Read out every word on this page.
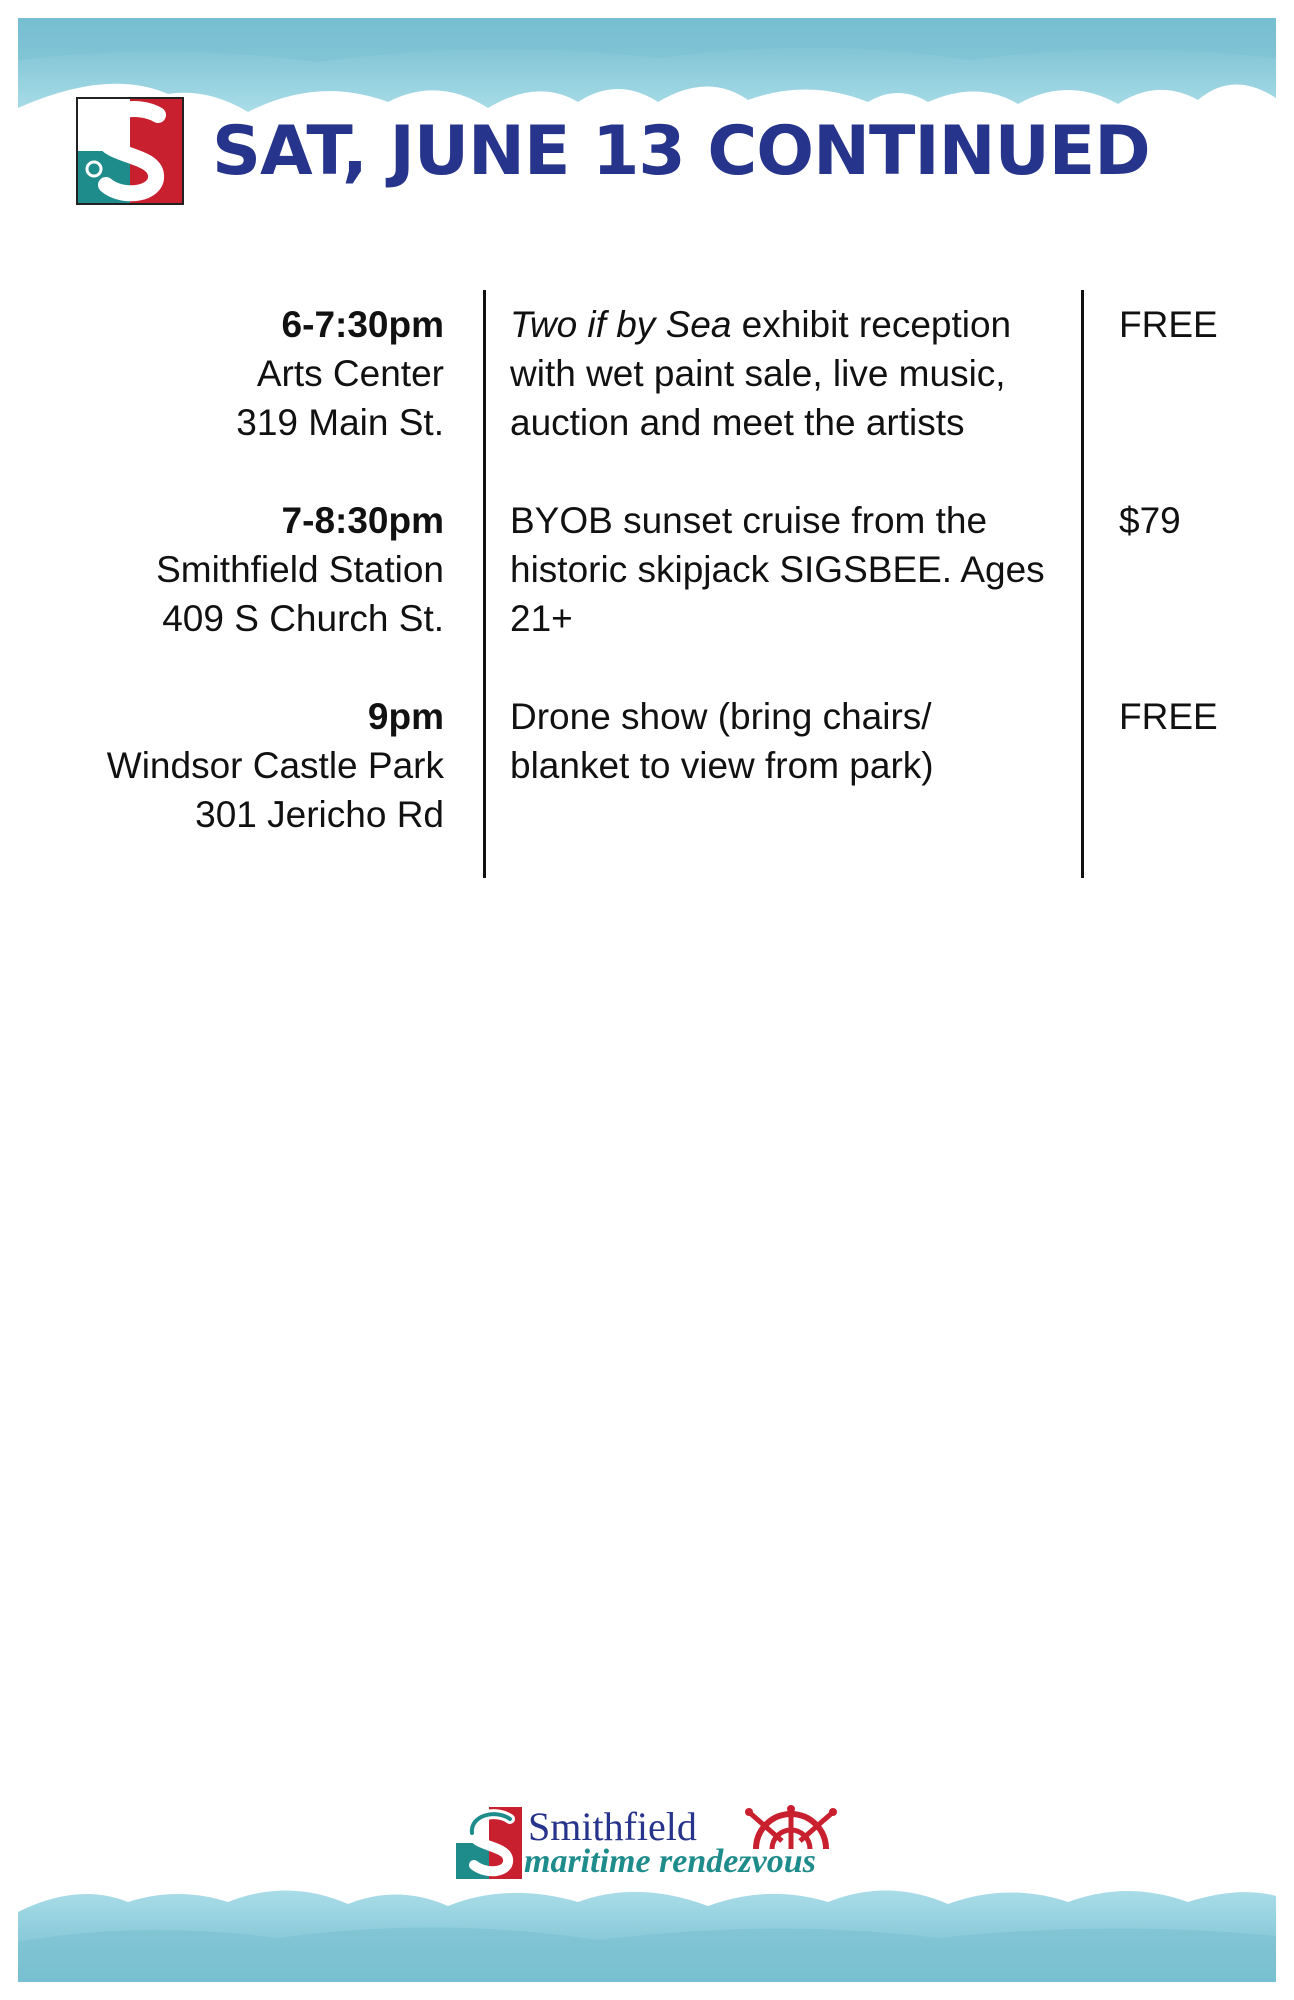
SAT, JUNE 13 CONTINUED
6-7:30pm
Arts Center
319 Main St.
Two if by Sea exhibit reception
with wet paint sale, live music,
auction and meet the artists
FREE
7-8:30pm
Smithfield Station
409 S Church St.
BYOB sunset cruise from the
historic skipjack SIGSBEE. Ages
21+
$79
9pm
Windsor Castle Park
301 Jericho Rd
Drone show (bring chairs/
blanket to view from park)
FREE
Smithfield
maritime rendezvous
